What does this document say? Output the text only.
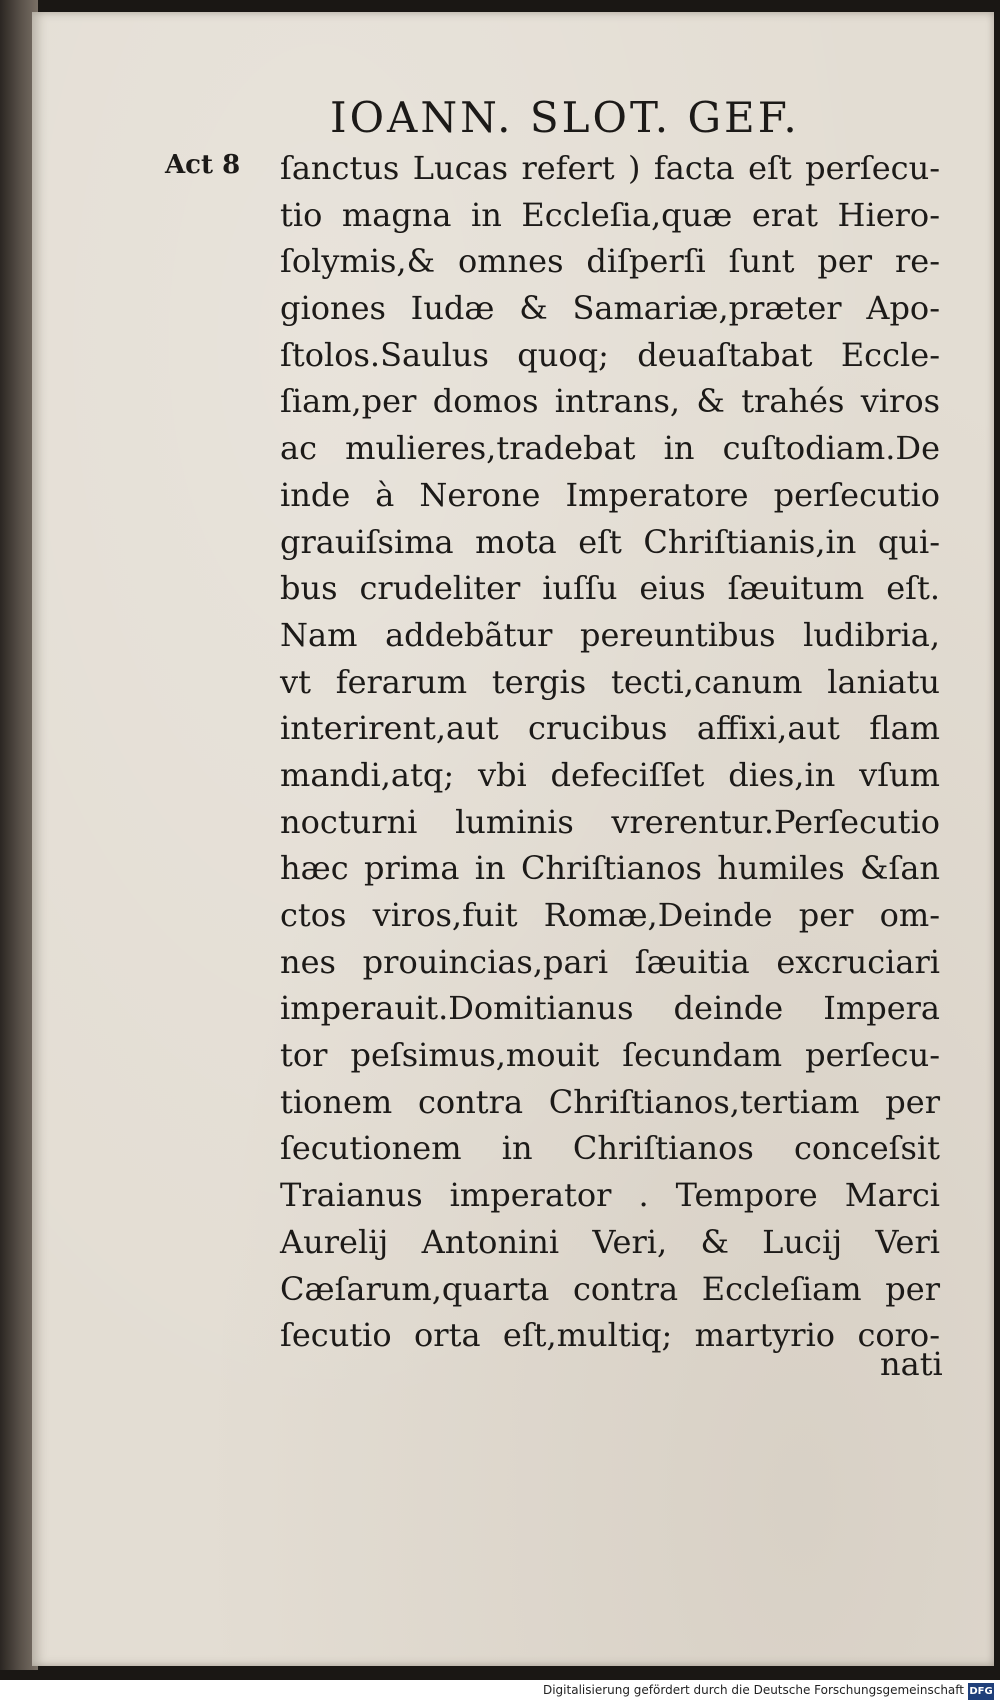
IOANN. SLOT. GEF.
Act 8 ſanctus Lucas refert ) facta eſt perſecu-
tio magna in Eccleſia,quæ erat Hiero-
ſolymis,& omnes diſperſi ſunt per re-
giones Iudæ & Samariæ,præter Apo-
ſtolos.Saulus quoq; deuaſtabat Eccle-
ſiam,per domos intrans, & trahés viros
ac mulieres,tradebat in cuſtodiam.De
inde à Nerone Imperatore perſecutio
grauiſsima mota eſt Chriſtianis,in qui-
bus crudeliter iuſſu eius ſæuitum eſt.
Nam addebãtur pereuntibus ludibria,
vt ferarum tergis tecti,canum laniatu
interirent,aut crucibus affixi,aut flam
mandi,atq; vbi defeciſſet dies,in vſum
nocturni luminis vrerentur.Perſecutio
hæc prima in Chriſtianos humiles &ſan
ctos viros,fuit Romæ,Deinde per om-
nes prouincias,pari ſæuitia excruciari
imperauit.Domitianus deinde Impera
tor peſsimus,mouit ſecundam perſecu-
tionem contra Chriſtianos,tertiam per
ſecutionem in Chriſtianos conceſsit
Traianus imperator . Tempore Marci
Aurelij Antonini Veri, & Lucij Veri
Cæſarum,quarta contra Eccleſiam per
ſecutio orta eſt,multiq; martyrio coro-
nati
Digitalisierung gefördert durch die Deutsche Forschungsgemeinschaft DFG
